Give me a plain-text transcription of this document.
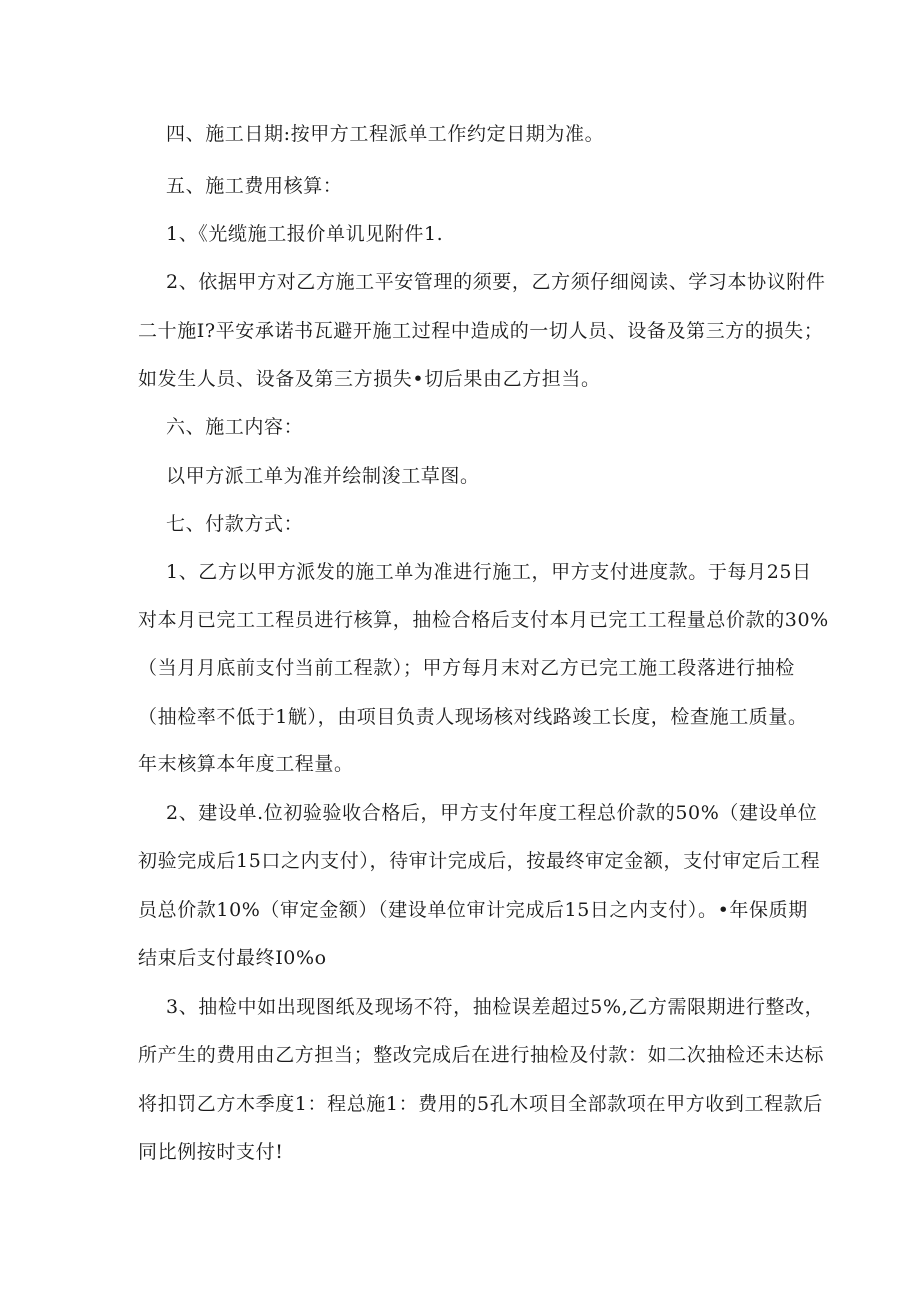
四、施工日期:按甲方工程派单工作约定日期为准。
五、施工费用核算：
1、《光缆施工报价单讥见附件1.
2、依据甲方对乙方施工平安管理的须要，乙方须仔细阅读、学习本协议附件
二十施I?平安承诺书瓦避开施工过程中造成的一切人员、设备及第三方的损失；
如发生人员、设备及第三方损失•切后果由乙方担当。
六、施工内容：
以甲方派工单为准并绘制浚工草图。
七、付款方式：
1、乙方以甲方派发的施工单为准进行施工，甲方支付进度款。于每月25日
对本月已完工工程员进行核算，抽检合格后支付本月已完工工程量总价款的30%
（当月月底前支付当前工程款）；甲方每月末对乙方已完工施工段落进行抽检
（抽检率不低于1觥），由项目负责人现场核对线路竣工长度，检查施工质量。
年末核算本年度工程量。
2、建设单.位初验验收合格后，甲方支付年度工程总价款的50%（建设单位
初验完成后15口之内支付），待审计完成后，按最终审定金额，支付审定后工程
员总价款10%（审定金额）（建设单位审计完成后15日之内支付）。•年保质期
结束后支付最终I0%o
3、抽检中如出现图纸及现场不符，抽检误差超过5%,乙方需限期进行整改，
所产生的费用由乙方担当；整改完成后在进行抽检及付款：如二次抽检还未达标
将扣罚乙方木季度1：程总施1：费用的5孔木项目全部款项在甲方收到工程款后
同比例按时支付!
